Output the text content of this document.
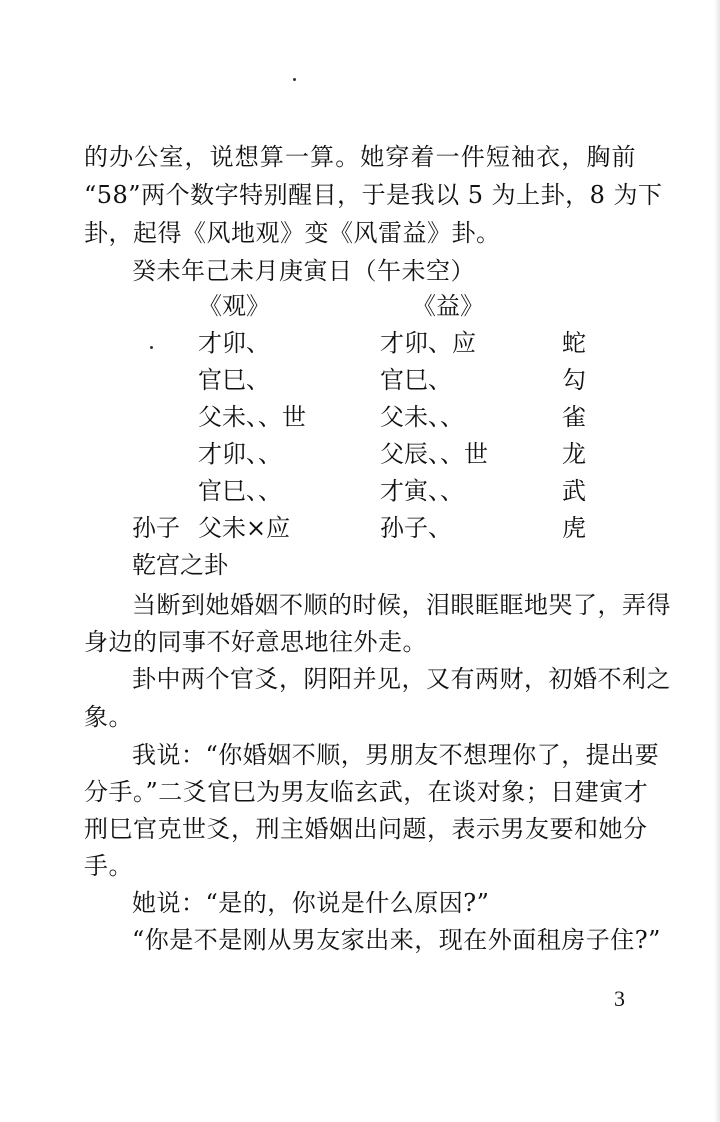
的办公室，说想算一算。她穿着一件短袖衣，胸前
“58”两个数字特别醒目，于是我以 5 为上卦，8 为下
卦，起得《风地观》变《风雷益》卦。
癸未年己未月庚寅日（午未空）
《观》	《益》
才卯、	才卯、应	蛇
官巳、	官巳、	勾
父未、、世	父未、、	雀
才卯、、	父辰、、世	龙
官巳、、	才寅、、	武
孙子 父未×应	孙子、	虎
乾宫之卦
当断到她婚姻不顺的时候，泪眼眶眶地哭了，弄得
身边的同事不好意思地往外走。
卦中两个官爻，阴阳并见，又有两财，初婚不利之
象。
我说：“你婚姻不顺，男朋友不想理你了，提出要
分手。”二爻官巳为男友临玄武，在谈对象；日建寅才
刑巳官克世爻，刑主婚姻出问题，表示男友要和她分
手。
她说：“是的，你说是什么原因?”
“你是不是刚从男友家出来，现在外面租房子住?”
3
